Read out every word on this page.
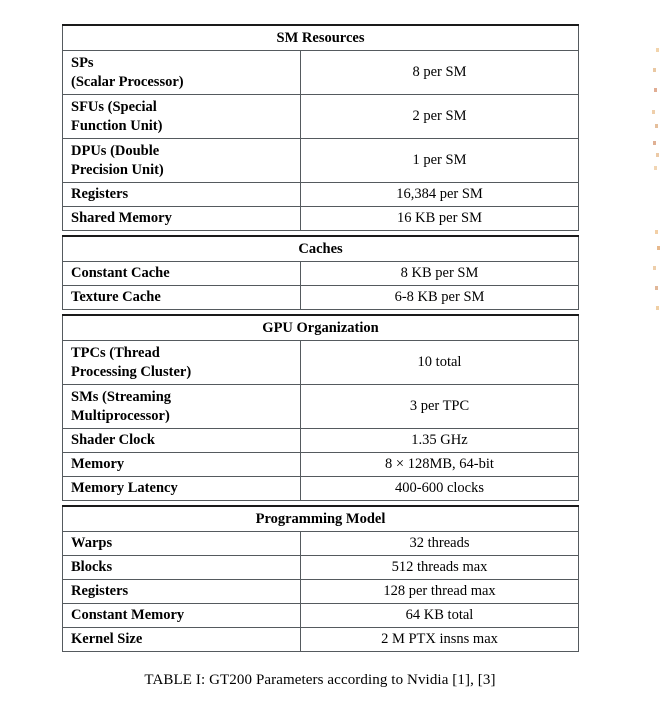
SM Resources	

SPs
(Scalar Processor)	8 per SM

SFUs (Special
Function Unit)	2 per SM

DPUs (Double
Precision Unit)	1 per SM

Registers	16,384 per SM

Shared Memory	16 KB per SM
Caches	

Constant Cache	8 KB per SM

Texture Cache	6-8 KB per SM
GPU Organization	

TPCs (Thread
Processing Cluster)	10 total

SMs (Streaming
Multiprocessor)	3 per TPC

Shader Clock	1.35 GHz

Memory	8 × 128MB, 64-bit

Memory Latency	400-600 clocks
Programming Model	

Warps	32 threads

Blocks	512 threads max

Registers	128 per thread max

Constant Memory	64 KB total

Kernel Size	2 M PTX insns max
TABLE I: GT200 Parameters according to Nvidia [1], [3]
